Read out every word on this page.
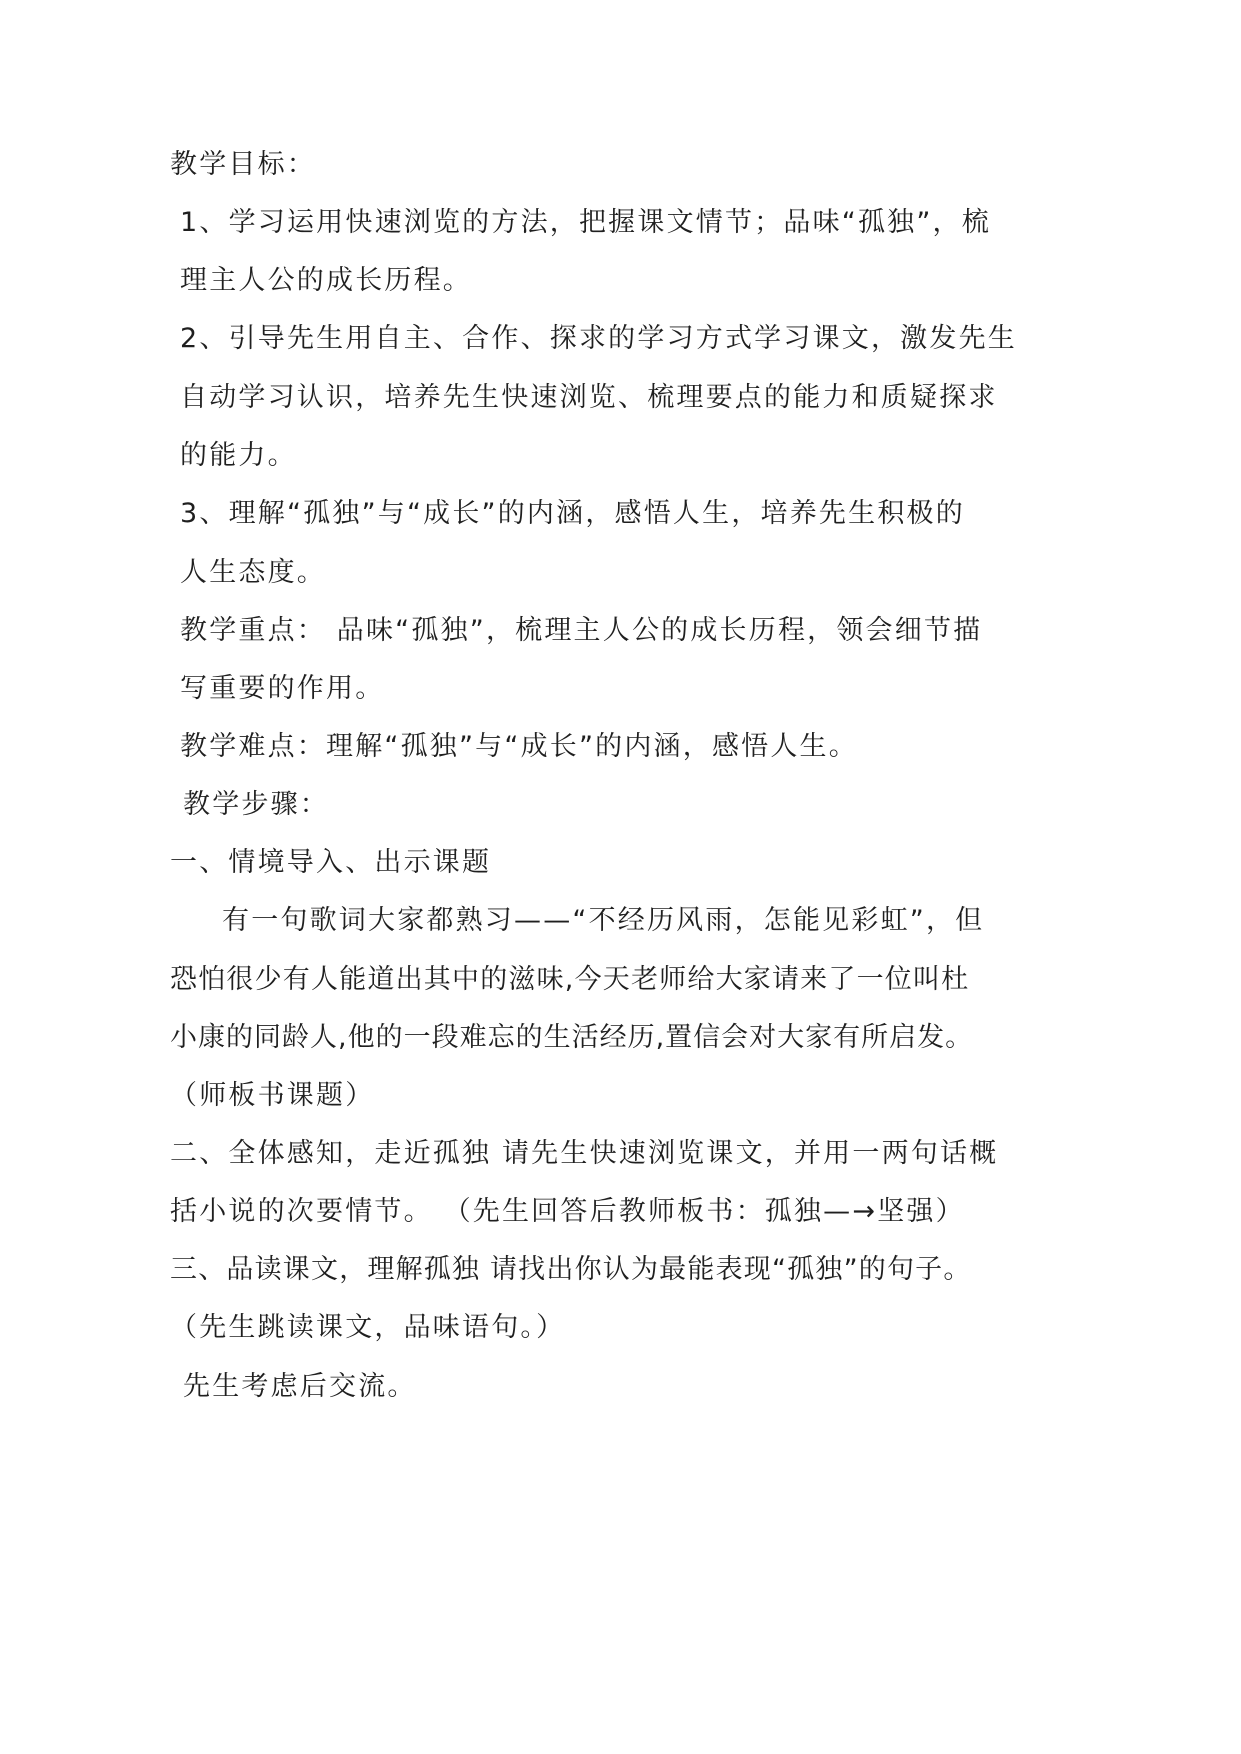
教学目标：
1、学习运用快速浏览的方法，把握课文情节；品味“孤独”，梳
理主人公的成长历程。
2、引导先生用自主、合作、探求的学习方式学习课文，激发先生
自动学习认识，培养先生快速浏览、梳理要点的能力和质疑探求
的能力。
3、理解“孤独”与“成长”的内涵，感悟人生，培养先生积极的
人生态度。
教学重点： 品味“孤独”，梳理主人公的成长历程，领会细节描
写重要的作用。
教学难点：理解“孤独”与“成长”的内涵，感悟人生。
教学步骤：
一、情境导入、出示课题
有一句歌词大家都熟习——“不经历风雨，怎能见彩虹”，但
恐怕很少有人能道出其中的滋味,今天老师给大家请来了一位叫杜
小康的同龄人,他的一段难忘的生活经历,置信会对大家有所启发。
（师板书课题）
二、全体感知，走近孤独 请先生快速浏览课文，并用一两句话概
括小说的次要情节。 （先生回答后教师板书：孤独—→坚强）
三、品读课文，理解孤独 请找出你认为最能表现“孤独”的句子。
（先生跳读课文，品味语句。）
先生考虑后交流。
